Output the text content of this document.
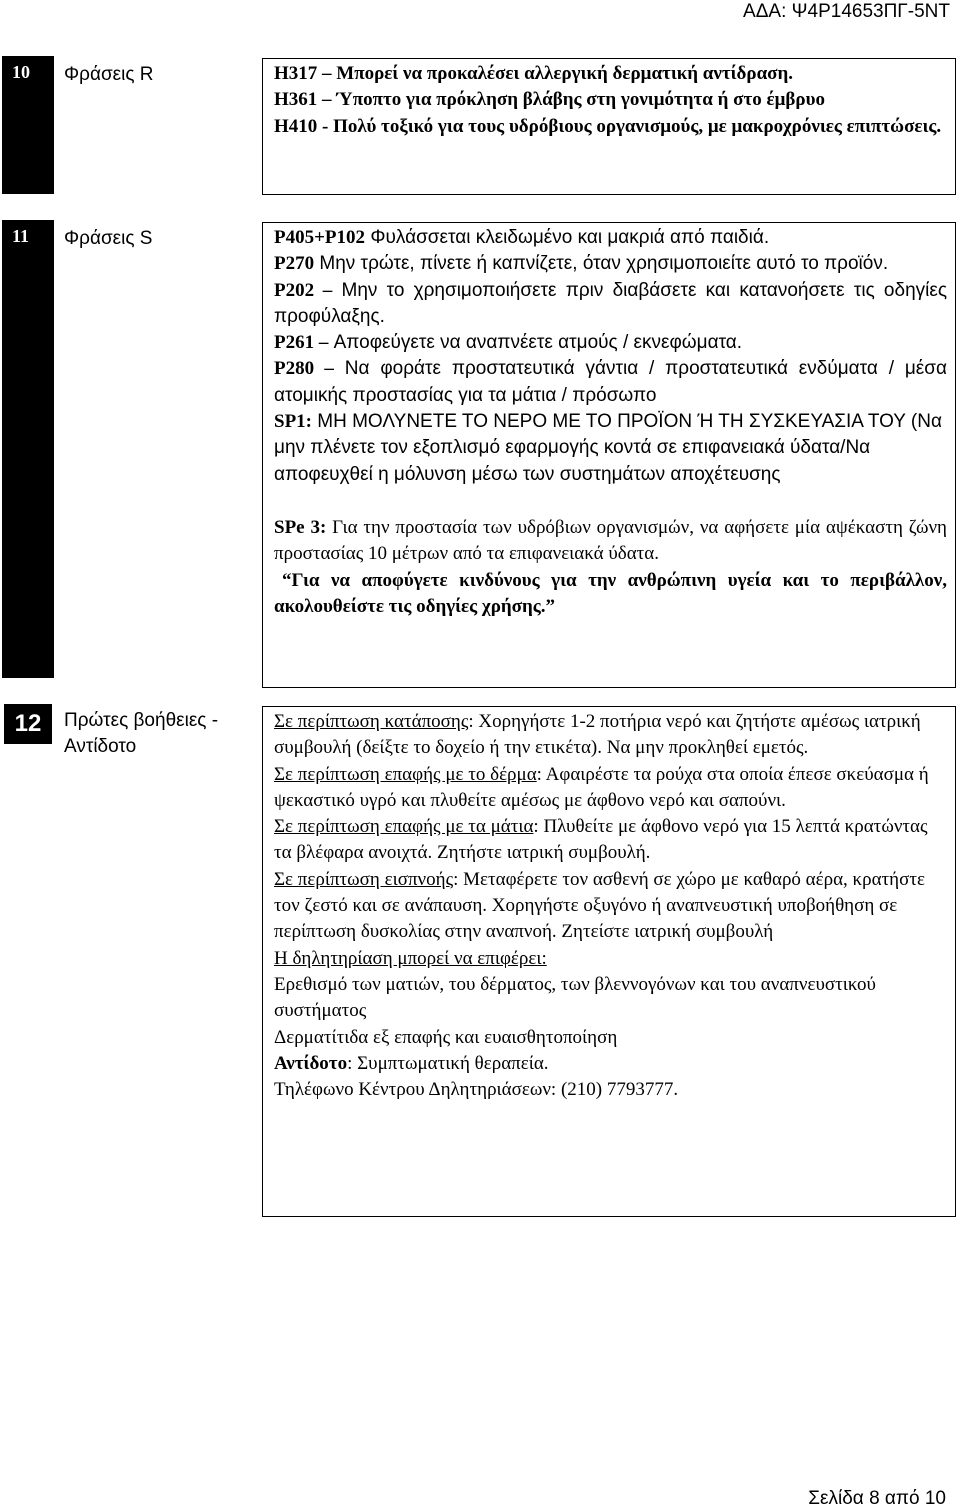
ΑΔΑ: Ψ4Ρ14653ΠΓ-5ΝΤ
10	Φράσεις R	H317 – Μπορεί να προκαλέσει αλλεργική δερματική αντίδραση.

H361 – Ύποπτο για πρόκληση βλάβης στη γονιμότητα ή στο έμβρυο

H410 - Πολύ τοξικό για τους υδρόβιους οργανισμούς, με μακροχρόνιες επιπτώσεις.

11	Φράσεις S	P405+P102 Φυλάσσεται κλειδωμένο και μακριά από παιδιά.

P270 Μην τρώτε, πίνετε ή καπνίζετε, όταν χρησιμοποιείτε αυτό το προϊόν.

P202 – Μην το χρησιμοποιήσετε πριν διαβάσετε και κατανοήσετε τις οδηγίες προφύλαξης.

P261 – Αποφεύγετε να αναπνέετε ατμούς / εκνεφώματα.

P280 – Να φοράτε προστατευτικά γάντια / προστατευτικά ενδύματα / μέσα ατομικής προστασίας για τα μάτια / πρόσωπο

SP1: ΜΗ ΜΟΛΥΝΕΤΕ ΤΟ ΝΕΡΟ ΜΕ ΤΟ ΠΡΟΪΟΝ Ή ΤΗ ΣΥΣΚΕΥΑΣΙΑ ΤΟΥ (Να μην πλένετε τον εξοπλισμό εφαρμογής κοντά σε επιφανειακά ύδατα/Να αποφευχθεί η μόλυνση μέσω των συστημάτων αποχέτευσης

SPe 3: Για την προστασία των υδρόβιων οργανισμών, να αφήσετε μία αψέκαστη ζώνη προστασίας 10 μέτρων από τα επιφανειακά ύδατα.

“Για να αποφύγετε κινδύνους για την ανθρώπινη υγεία και το περιβάλλον, ακολουθείστε τις οδηγίες χρήσης.”

12	Πρώτες βοήθειες - Αντίδοτο

Σε περίπτωση κατάποσης: Χορηγήστε 1-2 ποτήρια νερό και ζητήστε αμέσως ιατρική συμβουλή (δείξτε το δοχείο ή την ετικέτα). Να μην προκληθεί εμετός.

Σε περίπτωση επαφής με το δέρμα: Αφαιρέστε τα ρούχα στα οποία έπεσε σκεύασμα ή ψεκαστικό υγρό και πλυθείτε αμέσως με άφθονο νερό και σαπούνι.

Σε περίπτωση επαφής με τα μάτια: Πλυθείτε με άφθονο νερό για 15 λεπτά κρατώντας τα βλέφαρα ανοιχτά. Ζητήστε ιατρική συμβουλή.

Σε περίπτωση εισπνοής: Μεταφέρετε τον ασθενή σε χώρο με καθαρό αέρα, κρατήστε τον ζεστό και σε ανάπαυση. Χορηγήστε οξυγόνο ή αναπνευστική υποβοήθηση σε περίπτωση δυσκολίας στην αναπνοή. Ζητείστε ιατρική συμβουλή

Η δηλητηρίαση μπορεί να επιφέρει:

Ερεθισμό των ματιών, του δέρματος, των βλεννογόνων και του αναπνευστικού συστήματος

Δερματίτιδα εξ επαφής και ευαισθητοποίηση

Αντίδοτο: Συμπτωματική θεραπεία.

Τηλέφωνο Κέντρου Δηλητηριάσεων: (210) 7793777.

Σελίδα 8 από 10
